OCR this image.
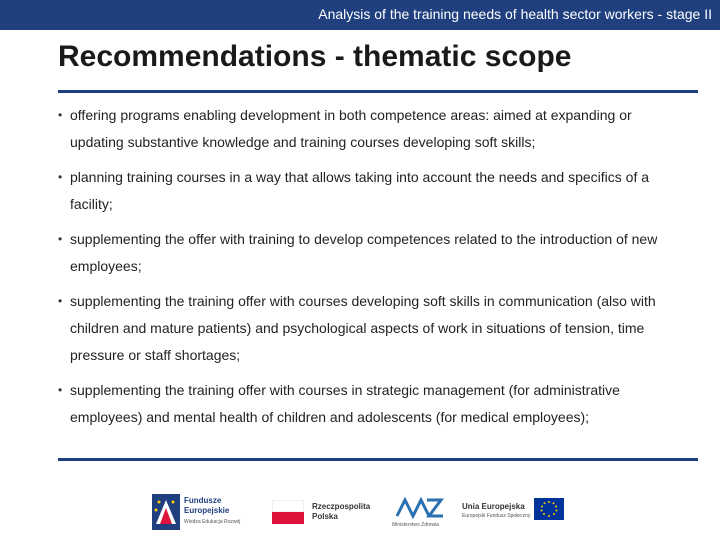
Analysis of the training needs of health sector workers - stage II
Recommendations - thematic scope
• offering programs enabling development in both competence areas: aimed at expanding or updating substantive knowledge and training courses developing soft skills;
• planning training courses in a way that allows taking into account the needs and specifics of a facility;
• supplementing the offer with training to develop competences related to the introduction of new employees;
• supplementing the training offer with courses developing soft skills in communication (also with children and mature patients) and psychological aspects of work in situations of tension, time pressure or staff shortages;
• supplementing the training offer with courses in strategic management (for administrative employees) and mental health of children and adolescents (for medical employees);
Fundusze
Europejskie
Wiedza Edukacja Rozwój
Rzeczpospolita
Polska
Ministerstwo Zdrowia
Unia Europejska
Europejski Fundusz Społeczny
